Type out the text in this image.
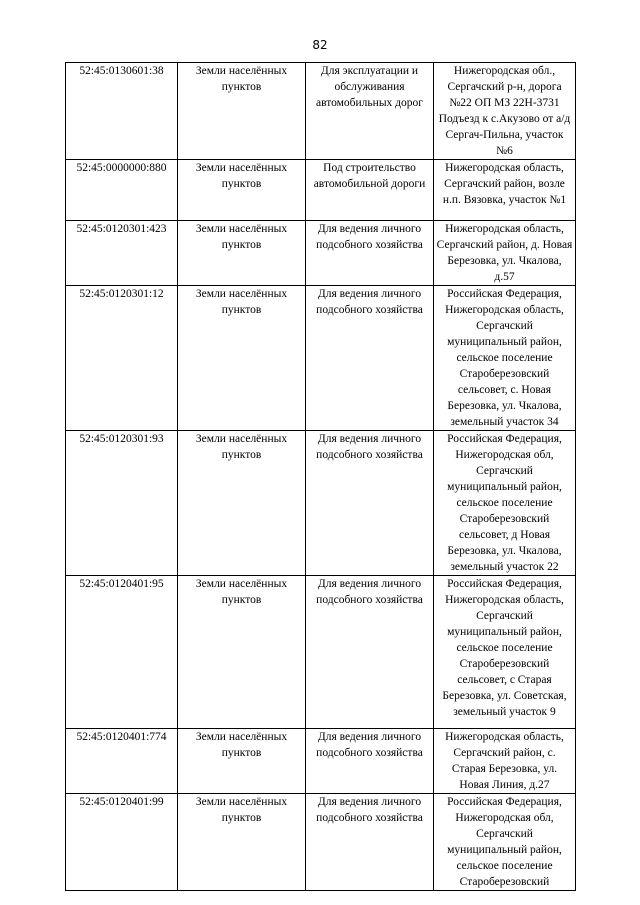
82
52:45:0130601:38	Земли населённых пунктов	Для эксплуатации и обслуживания автомобильных дорог	Нижегородская обл., Сергачский р-н, дорога №22 ОП МЗ 22Н-3731 Подъезд к с.Акузово от а/д Сергач-Пильна, участок №6
52:45:0000000:880	Земли населённых пунктов	Под строительство автомобильной дороги	Нижегородская область, Сергачский район, возле н.п. Вязовка, участок №1
52:45:0120301:423	Земли населённых пунктов	Для ведения личного подсобного хозяйства	Нижегородская область, Сергачский район, д. Новая Березовка, ул. Чкалова, д.57
52:45:0120301:12	Земли населённых пунктов	Для ведения личного подсобного хозяйства	Российская Федерация, Нижегородская область, Сергачский муниципальный район, сельское поселение Староберезовский сельсовет, с. Новая Березовка, ул. Чкалова, земельный участок 34
52:45:0120301:93	Земли населённых пунктов	Для ведения личного подсобного хозяйства	Российская Федерация, Нижегородская обл, Сергачский муниципальный район, сельское поселение Староберезовский сельсовет, д Новая Березовка, ул. Чкалова, земельный участок 22
52:45:0120401:95	Земли населённых пунктов	Для ведения личного подсобного хозяйства	Российская Федерация, Нижегородская область, Сергачский муниципальный район, сельское поселение Староберезовский сельсовет, с Старая Березовка, ул. Советская, земельный участок 9
52:45:0120401:774	Земли населённых пунктов	Для ведения личного подсобного хозяйства	Нижегородская область, Сергачский район, с. Старая Березовка, ул. Новая Линия, д.27
52:45:0120401:99	Земли населённых пунктов	Для ведения личного подсобного хозяйства	Российская Федерация, Нижегородская обл, Сергачский муниципальный район, сельское поселение Староберезовский
